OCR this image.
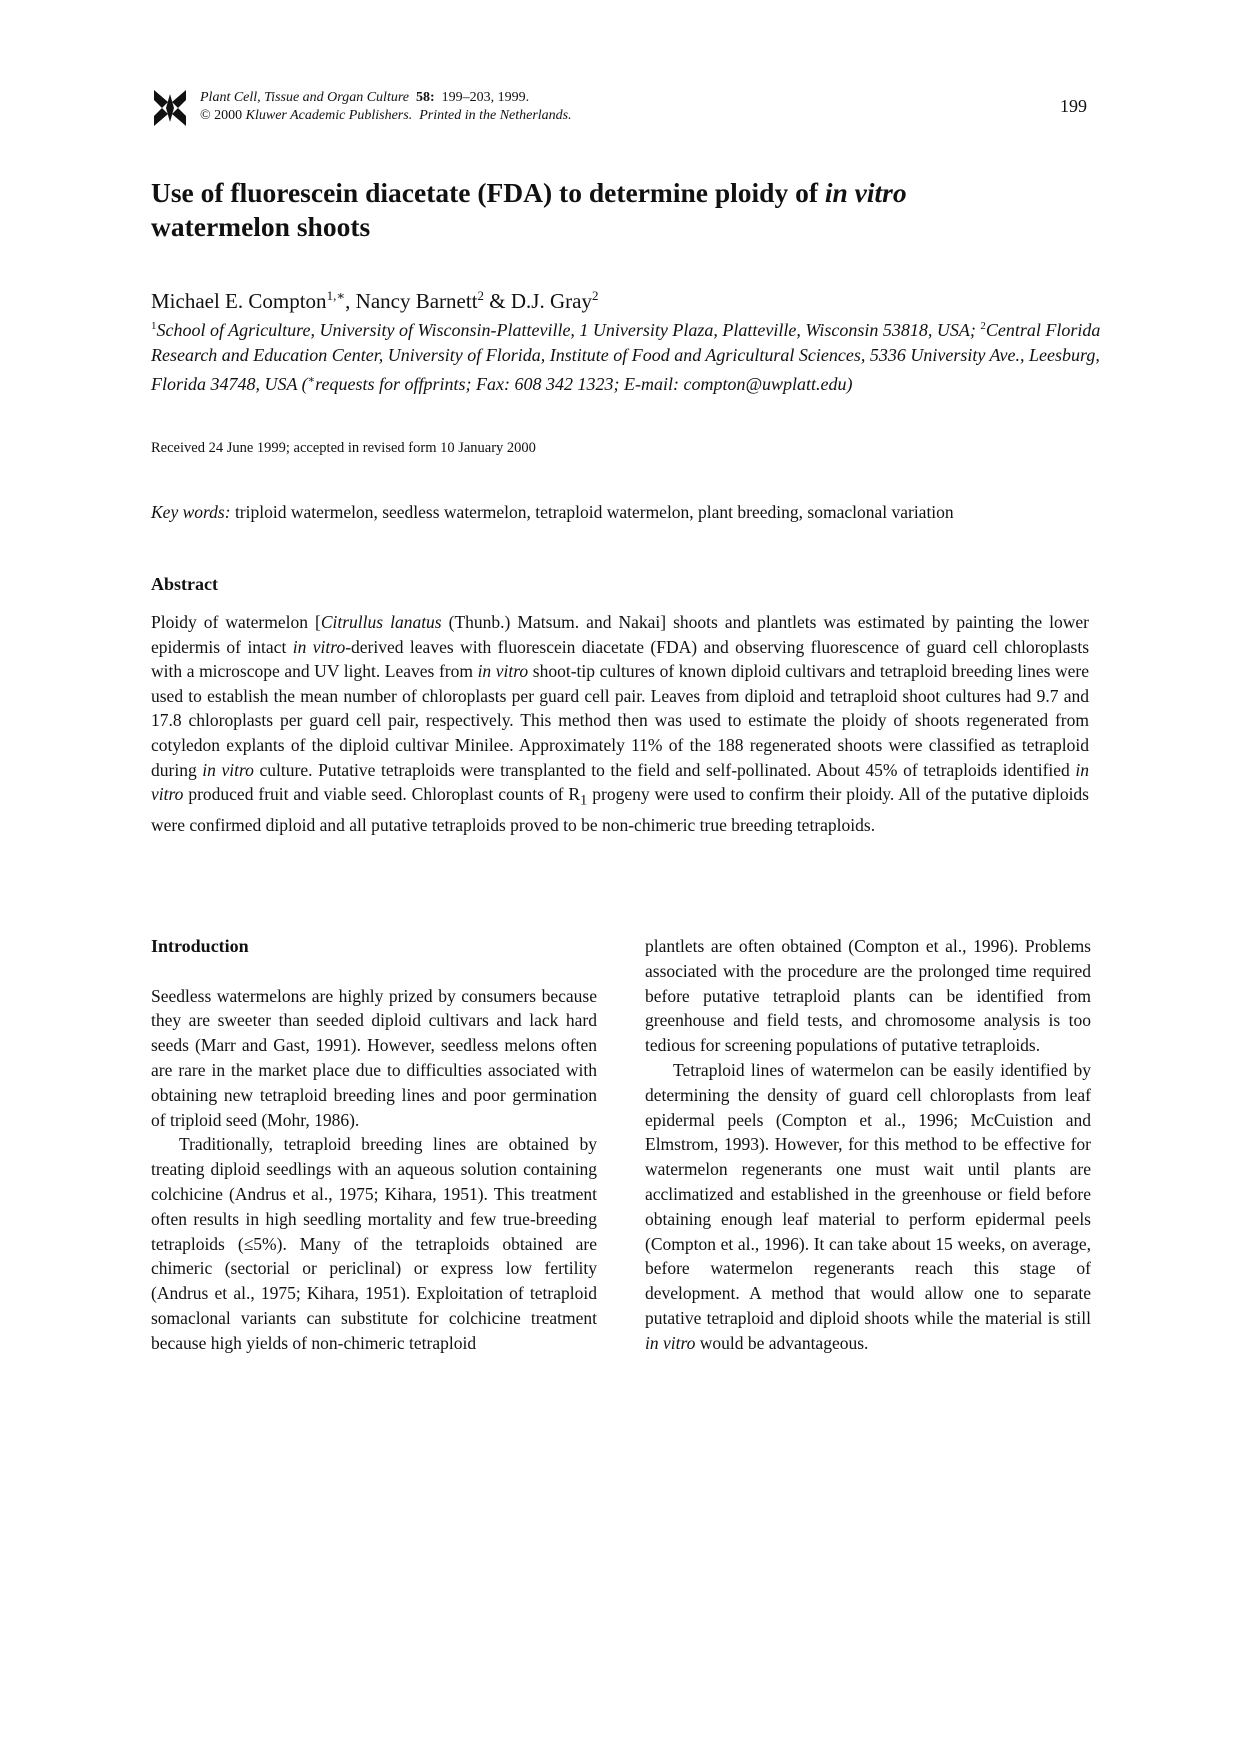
Plant Cell, Tissue and Organ Culture 58: 199–203, 1999.
© 2000 Kluwer Academic Publishers. Printed in the Netherlands.	199
Use of fluorescein diacetate (FDA) to determine ploidy of in vitro
watermelon shoots
Michael E. Compton$^{1,∗}$, Nancy Barnett$^2$ & D.J. Gray$^2$
$^1$School of Agriculture, University of Wisconsin-Platteville, 1 University Plaza, Platteville, Wisconsin 53818, USA; $^2$Central Florida Research and Education Center, University of Florida, Institute of Food and Agricultural Sciences, 5336 University Ave., Leesburg, Florida 34748, USA (∗requests for offprints; Fax: 608 342 1323; E-mail: compton@uwplatt.edu)
Received 24 June 1999; accepted in revised form 10 January 2000
Key words: triploid watermelon, seedless watermelon, tetraploid watermelon, plant breeding, somaclonal variation
Abstract
Ploidy of watermelon [Citrullus lanatus (Thunb.) Matsum. and Nakai] shoots and plantlets was estimated by painting the lower epidermis of intact in vitro-derived leaves with fluorescein diacetate (FDA) and observing fluorescence of guard cell chloroplasts with a microscope and UV light. Leaves from in vitro shoot-tip cultures of known diploid cultivars and tetraploid breeding lines were used to establish the mean number of chloroplasts per guard cell pair. Leaves from diploid and tetraploid shoot cultures had 9.7 and 17.8 chloroplasts per guard cell pair, respectively. This method then was used to estimate the ploidy of shoots regenerated from cotyledon explants of the diploid cultivar Minilee. Approximately 11% of the 188 regenerated shoots were classified as tetraploid during in vitro culture. Putative tetraploids were transplanted to the field and self-pollinated. About 45% of tetraploids identified in vitro produced fruit and viable seed. Chloroplast counts of $R_1$ progeny were used to confirm their ploidy. All of the putative diploids were confirmed diploid and all putative tetraploids proved to be non-chimeric true breeding tetraploids.

Introduction

Seedless watermelons are highly prized by consumers because they are sweeter than seeded diploid cultivars and lack hard seeds (Marr and Gast, 1991). However, seedless melons often are rare in the market place due to difficulties associated with obtaining new tetraploid breeding lines and poor germination of triploid seed (Mohr, 1986).

Traditionally, tetraploid breeding lines are obtained by treating diploid seedlings with an aqueous solution containing colchicine (Andrus et al., 1975; Kihara, 1951). This treatment often results in high seedling mortality and few true-breeding tetraploids (≤5%). Many of the tetraploids obtained are chimeric (sectorial or periclinal) or express low fertility (Andrus et al., 1975; Kihara, 1951). Exploitation of tetraploid somaclonal variants can substitute for colchicine treatment because high yields of non-chimeric tetraploid

plantlets are often obtained (Compton et al., 1996). Problems associated with the procedure are the prolonged time required before putative tetraploid plants can be identified from greenhouse and field tests, and chromosome analysis is too tedious for screening populations of putative tetraploids.

Tetraploid lines of watermelon can be easily identified by determining the density of guard cell chloroplasts from leaf epidermal peels (Compton et al., 1996; McCuistion and Elmstrom, 1993). However, for this method to be effective for watermelon regenerants one must wait until plants are acclimatized and established in the greenhouse or field before obtaining enough leaf material to perform epidermal peels (Compton et al., 1996). It can take about 15 weeks, on average, before watermelon regenerants reach this stage of development. A method that would allow one to separate putative tetraploid and diploid shoots while the material is still in vitro would be advantageous.
